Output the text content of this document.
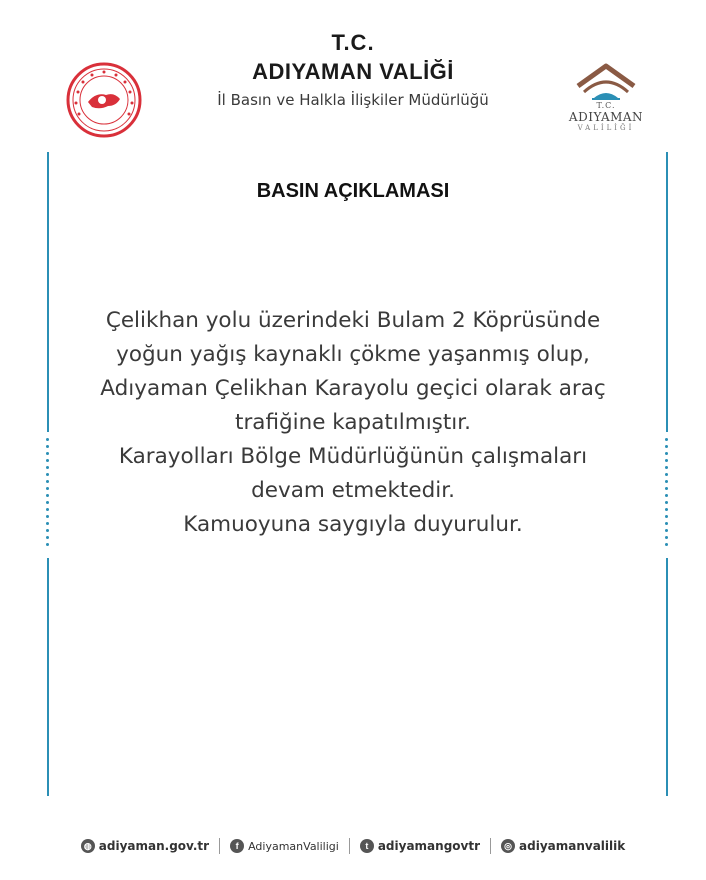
T.C.
ADIYAMAN VALİĞİ
İl Basın ve Halkla İlişkiler Müdürlüğü	T.C.
ADIYAMAN
VALİLİĞİ
BASIN AÇIKLAMASI
Çelikhan yolu üzerindeki Bulam 2 Köprüsünde
yoğun yağış kaynaklı çökme yaşanmış olup,
Adıyaman Çelikhan Karayolu geçici olarak araç
trafiğine kapatılmıştır.
Karayolları Bölge Müdürlüğünün çalışmaları
devam etmektedir.
Kamuoyuna saygıyla duyurulur.
◍ adiyaman.gov.tr	f AdiyamanValiligi	t adiyamangovtr	◎ adiyamanvalilik
